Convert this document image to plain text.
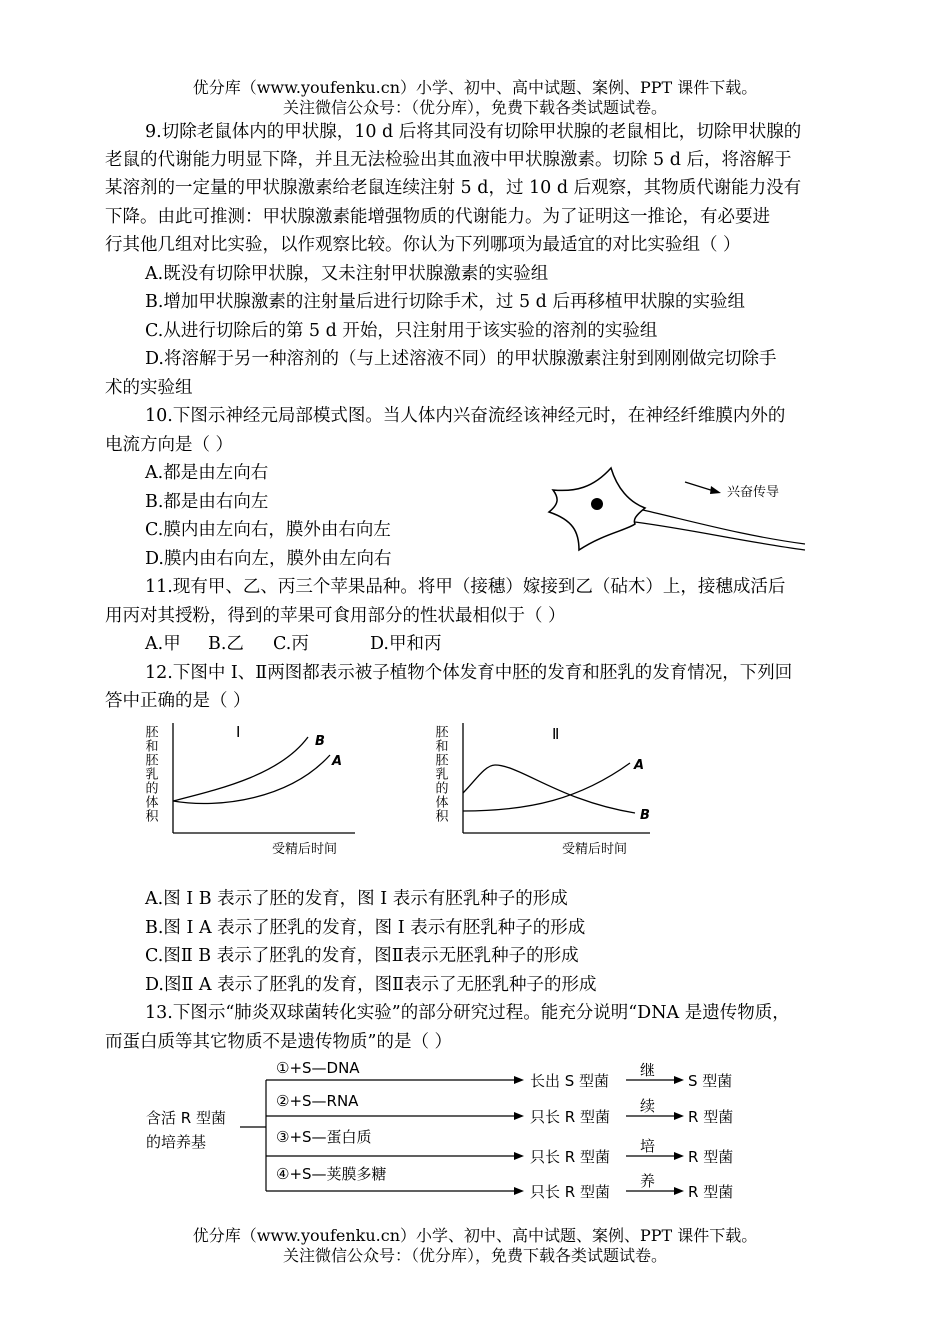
优分库（www.youfenku.cn）小学、初中、高中试题、案例、PPT 课件下载。
关注微信公众号：（优分库），免费下载各类试题试卷。
9.切除老鼠体内的甲状腺，10 d 后将其同没有切除甲状腺的老鼠相比，切除甲状腺的
老鼠的代谢能力明显下降，并且无法检验出其血液中甲状腺激素。切除 5 d 后，将溶解于
某溶剂的一定量的甲状腺激素给老鼠连续注射 5 d，过 10 d 后观察，其物质代谢能力没有
下降。由此可推测：甲状腺激素能增强物质的代谢能力。为了证明这一推论，有必要进
行其他几组对比实验，以作观察比较。你认为下列哪项为最适宜的对比实验组（ ）
A.既没有切除甲状腺，又未注射甲状腺激素的实验组
B.增加甲状腺激素的注射量后进行切除手术，过 5 d 后再移植甲状腺的实验组
C.从进行切除后的第 5 d 开始，只注射用于该实验的溶剂的实验组
D.将溶解于另一种溶剂的（与上述溶液不同）的甲状腺激素注射到刚刚做完切除手
术的实验组
10.下图示神经元局部模式图。当人体内兴奋流经该神经元时，在神经纤维膜内外的
电流方向是（ ）
A.都是由左向右
B.都是由右向左
C.膜内由左向右，膜外由右向左
D.膜内由右向左，膜外由左向右
兴奋传导
11.现有甲、乙、丙三个苹果品种。将甲（接穗）嫁接到乙（砧木）上，接穗成活后
用丙对其授粉，得到的苹果可食用部分的性状最相似于（ ）
A.甲 B.乙 C.丙	D.甲和丙
12.下图中 I、Ⅱ两图都表示被子植物个体发育中胚的发育和胚乳的发育情况，下列回
答中正确的是（ ）
胚和胚乳的体积	I
B
A
受精后时间
胚和胚乳的体积	Ⅱ
A
B
受精后时间
A.图 I B 表示了胚的发育，图 I 表示有胚乳种子的形成
B.图 I A 表示了胚乳的发育，图 I 表示有胚乳种子的形成
C.图Ⅱ B 表示了胚乳的发育，图Ⅱ表示无胚乳种子的形成
D.图Ⅱ A 表示了胚乳的发育，图Ⅱ表示了无胚乳种子的形成
13.下图示“肺炎双球菌转化实验”的部分研究过程。能充分说明“DNA 是遗传物质，
而蛋白质等其它物质不是遗传物质”的是（ ）
含活 R 型菌
的培养基
①+S—DNA
长出 S 型菌
②+S—RNA
只长 R 型菌
③+S—蛋白质
只长 R 型菌
④+S—荚膜多糖
只长 R 型菌
继
S 型菌
续
R 型菌
培
R 型菌
养
R 型菌
优分库（www.youfenku.cn）小学、初中、高中试题、案例、PPT 课件下载。
关注微信公众号：（优分库），免费下载各类试题试卷。
